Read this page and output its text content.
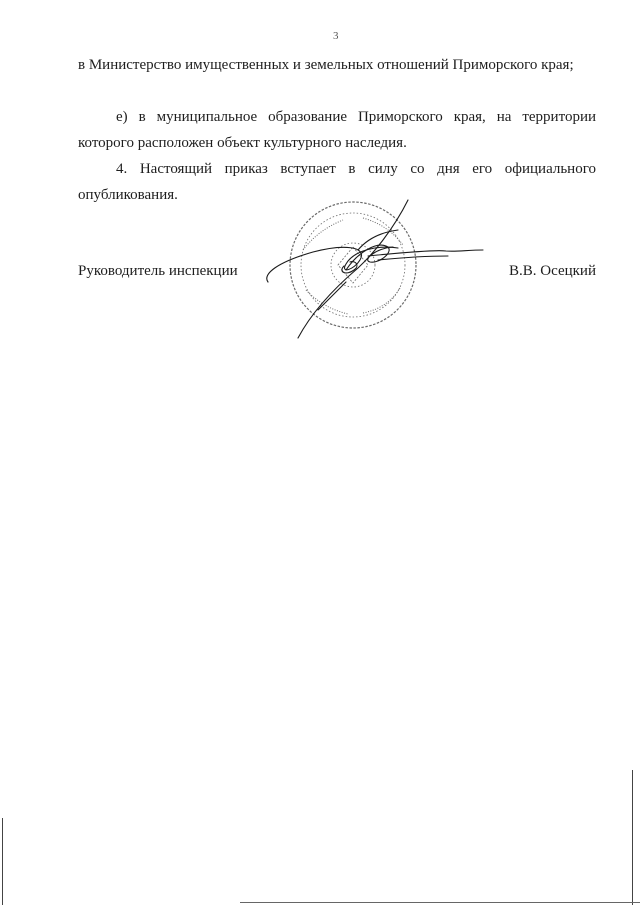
3

в Министерство имущественных и земельных отношений Приморского края;

е) в муниципальное образование Приморского края, на территории которого расположен объект культурного наследия.

4. Настоящий приказ вступает в силу со дня его официального опубликования.

Руководитель инспекции	В.В. Осецкий
